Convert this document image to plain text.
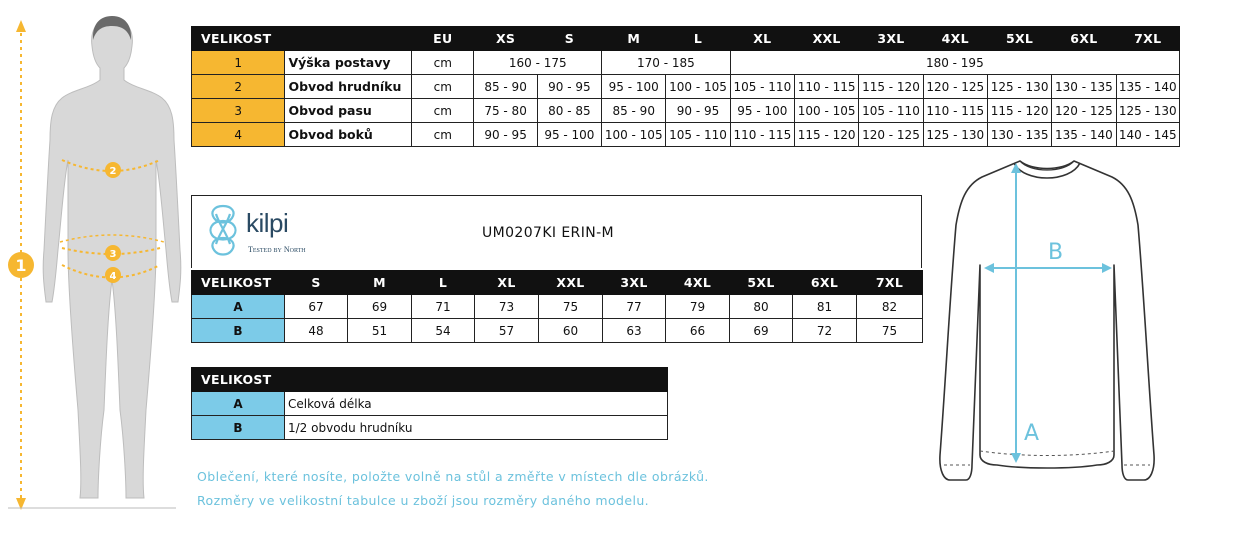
1
2
3
4
VELIKOST		EU	XS	S	M	L	XL	XXL	3XL	4XL	5XL	6XL	7XL
1	Výška postavy	cm	160 - 175		170 - 185		180 - 195						
2	Obvod hrudníku	cm	85 - 90	90 - 95	95 - 100	100 - 105	105 - 110	110 - 115	115 - 120	120 - 125	125 - 130	130 - 135	135 - 140
3	Obvod pasu	cm	75 - 80	80 - 85	85 - 90	90 - 95	95 - 100	100 - 105	105 - 110	110 - 115	115 - 120	120 - 125	125 - 130
4	Obvod boků	cm	90 - 95	95 - 100	100 - 105	105 - 110	110 - 115	115 - 120	120 - 125	125 - 130	130 - 135	135 - 140	140 - 145
kilpi
Tested by North
UM0207KI ERIN-M
VELIKOST	S	M	L	XL	XXL	3XL	4XL	5XL	6XL	7XL
A	67	69	71	73	75	77	79	80	81	82
B	48	51	54	57	60	63	66	69	72	75
VELIKOST	
A	Celková délka
B	1/2 obvodu hrudníku
Oblečení, které nosíte, položte volně na stůl a změřte v místech dle obrázků.
Rozměry ve velikostní tabulce u zboží jsou rozměry daného modelu.
A
B
